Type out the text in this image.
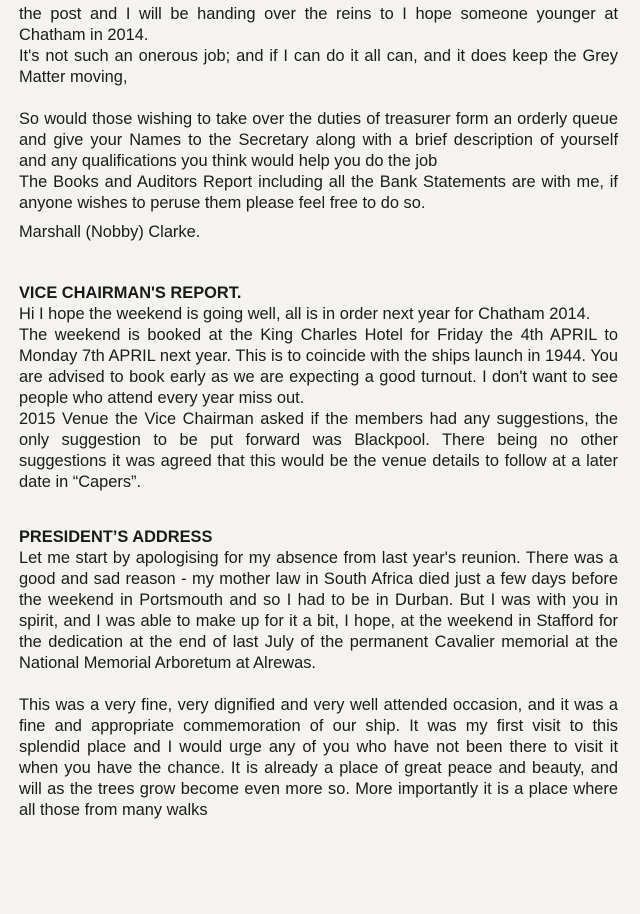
the post and I will be handing over the reins to I hope someone younger at Chatham in 2014.

It's not such an onerous job; and if I can do it all can, and it does keep the Grey Matter moving,

So would those wishing to take over the duties of treasurer form an orderly queue and give your Names to the Secretary along with a brief description of yourself and any qualifications you think would help you do the job

The Books and Auditors Report including all the Bank Statements are with me, if anyone wishes to peruse them please feel free to do so.

Marshall (Nobby) Clarke.

VICE CHAIRMAN'S REPORT.

Hi I hope the weekend is going well, all is in order next year for Chatham 2014.

The weekend is booked at the King Charles Hotel for Friday the 4th APRIL to Monday 7th APRIL next year. This is to coincide with the ships launch in 1944. You are advised to book early as we are expecting a good turnout. I don't want to see people who attend every year miss out.

2015 Venue the Vice Chairman asked if the members had any suggestions, the only suggestion to be put forward was Blackpool. There being no other suggestions it was agreed that this would be the venue details to follow at a later date in “Capers”.

PRESIDENT’S ADDRESS

Let me start by apologising for my absence from last year's reunion. There was a good and sad reason - my mother law in South Africa died just a few days before the weekend in Portsmouth and so I had to be in Durban. But I was with you in spirit, and I was able to make up for it a bit, I hope, at the weekend in Stafford for the dedication at the end of last July of the permanent Cavalier memorial at the National Memorial Arboretum at Alrewas.

This was a very fine, very dignified and very well attended occasion, and it was a fine and appropriate commemoration of our ship. It was my first visit to this splendid place and I would urge any of you who have not been there to visit it when you have the chance. It is already a place of great peace and beauty, and will as the trees grow become even more so. More importantly it is a place where all those from many walks
